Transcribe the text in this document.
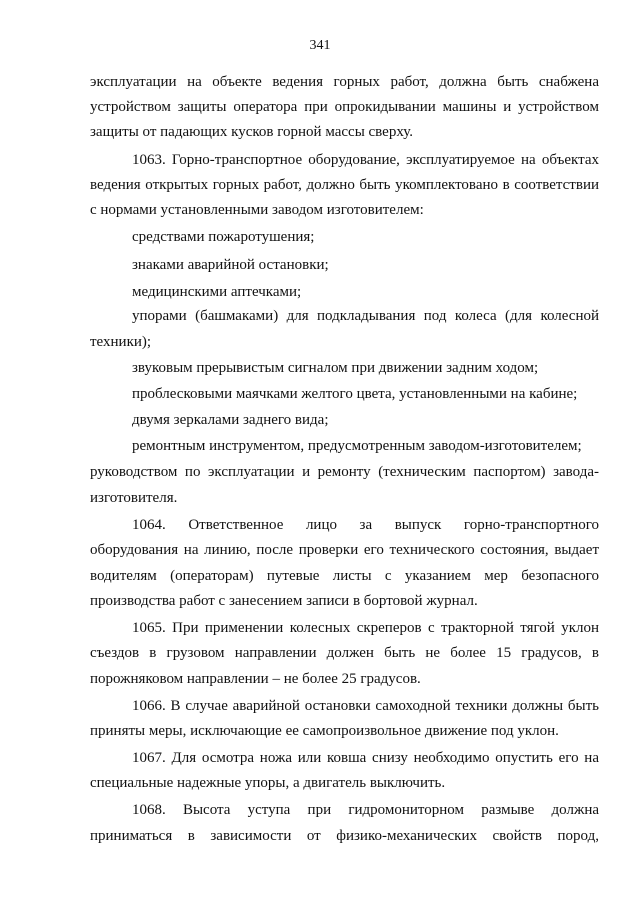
341
эксплуатации на объекте ведения горных работ, должна быть снабжена
устройством защиты оператора при опрокидывании машины и устройством
защиты от падающих кусков горной массы сверху.
1063. Горно-транспортное оборудование, эксплуатируемое на объектах
ведения открытых горных работ, должно быть укомплектовано в соответствии
с нормами установленными заводом изготовителем:
средствами пожаротушения;
знаками аварийной остановки;
медицинскими аптечками;
упорами (башмаками) для подкладывания под колеса (для колесной
техники);
звуковым прерывистым сигналом при движении задним ходом;
проблесковыми маячками желтого цвета, установленными на кабине;
двумя зеркалами заднего вида;
ремонтным инструментом, предусмотренным заводом-изготовителем;
руководством по эксплуатации и ремонту (техническим паспортом) завода-
изготовителя.
1064. Ответственное лицо за выпуск горно-транспортного
оборудования на линию, после проверки его технического состояния, выдает
водителям (операторам) путевые листы с указанием мер безопасного
производства работ с занесением записи в бортовой журнал.
1065. При применении колесных скреперов с тракторной тягой уклон
съездов в грузовом направлении должен быть не более 15 градусов, в
порожняковом направлении – не более 25 градусов.
1066. В случае аварийной остановки самоходной техники должны быть
приняты меры, исключающие ее самопроизвольное движение под уклон.
1067. Для осмотра ножа или ковша снизу необходимо опустить его на
специальные надежные упоры, а двигатель выключить.
1068. Высота уступа при гидромониторном размыве должна
приниматься в зависимости от физико-механических свойств пород,
